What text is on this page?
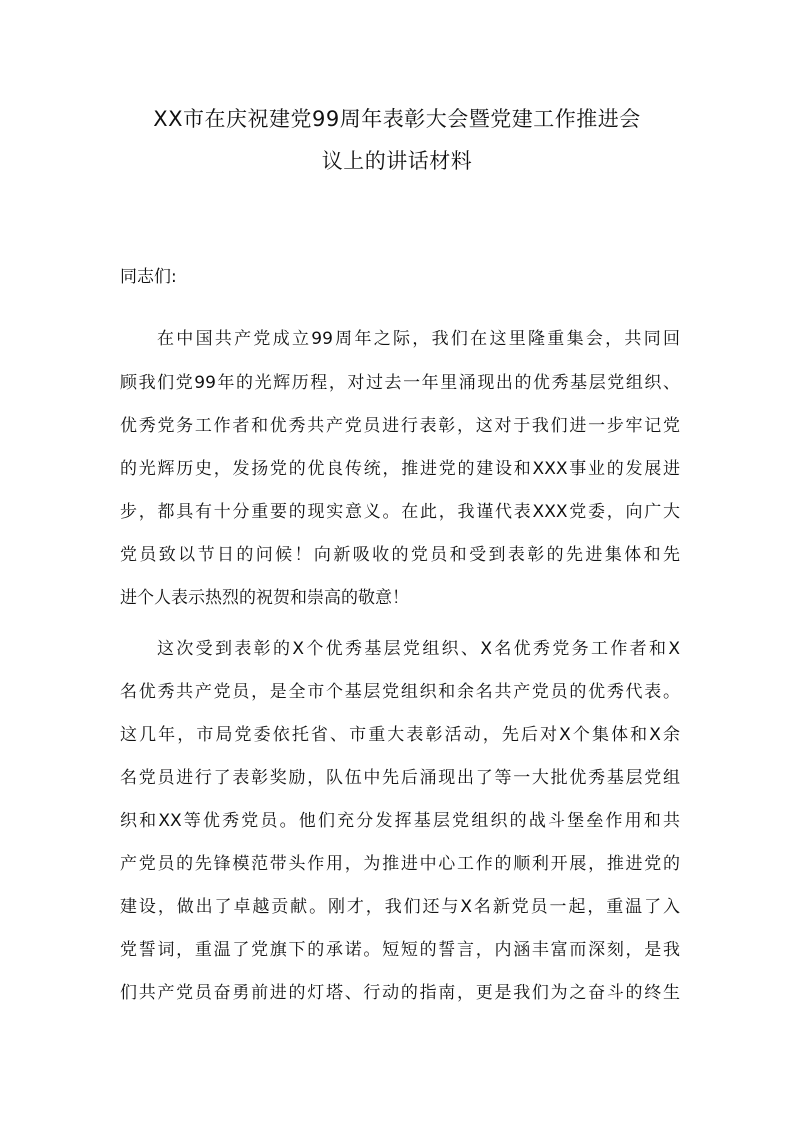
XX市在庆祝建党99周年表彰大会暨党建工作推进会
议上的讲话材料
同志们:
在中国共产党成立99周年之际，我们在这里隆重集会，共同回
顾我们党99年的光辉历程，对过去一年里涌现出的优秀基层党组织、
优秀党务工作者和优秀共产党员进行表彰，这对于我们进一步牢记党
的光辉历史，发扬党的优良传统，推进党的建设和XXX事业的发展进
步，都具有十分重要的现实意义。在此，我谨代表XXX党委，向广大
党员致以节日的问候！向新吸收的党员和受到表彰的先进集体和先
进个人表示热烈的祝贺和崇高的敬意！
这次受到表彰的X个优秀基层党组织、X名优秀党务工作者和X
名优秀共产党员，是全市个基层党组织和余名共产党员的优秀代表。
这几年，市局党委依托省、市重大表彰活动，先后对X个集体和X余
名党员进行了表彰奖励，队伍中先后涌现出了等一大批优秀基层党组
织和XX等优秀党员。他们充分发挥基层党组织的战斗堡垒作用和共
产党员的先锋模范带头作用，为推进中心工作的顺利开展，推进党的
建设，做出了卓越贡献。刚才，我们还与X名新党员一起，重温了入
党誓词，重温了党旗下的承诺。短短的誓言，内涵丰富而深刻，是我
们共产党员奋勇前进的灯塔、行动的指南，更是我们为之奋斗的终生
